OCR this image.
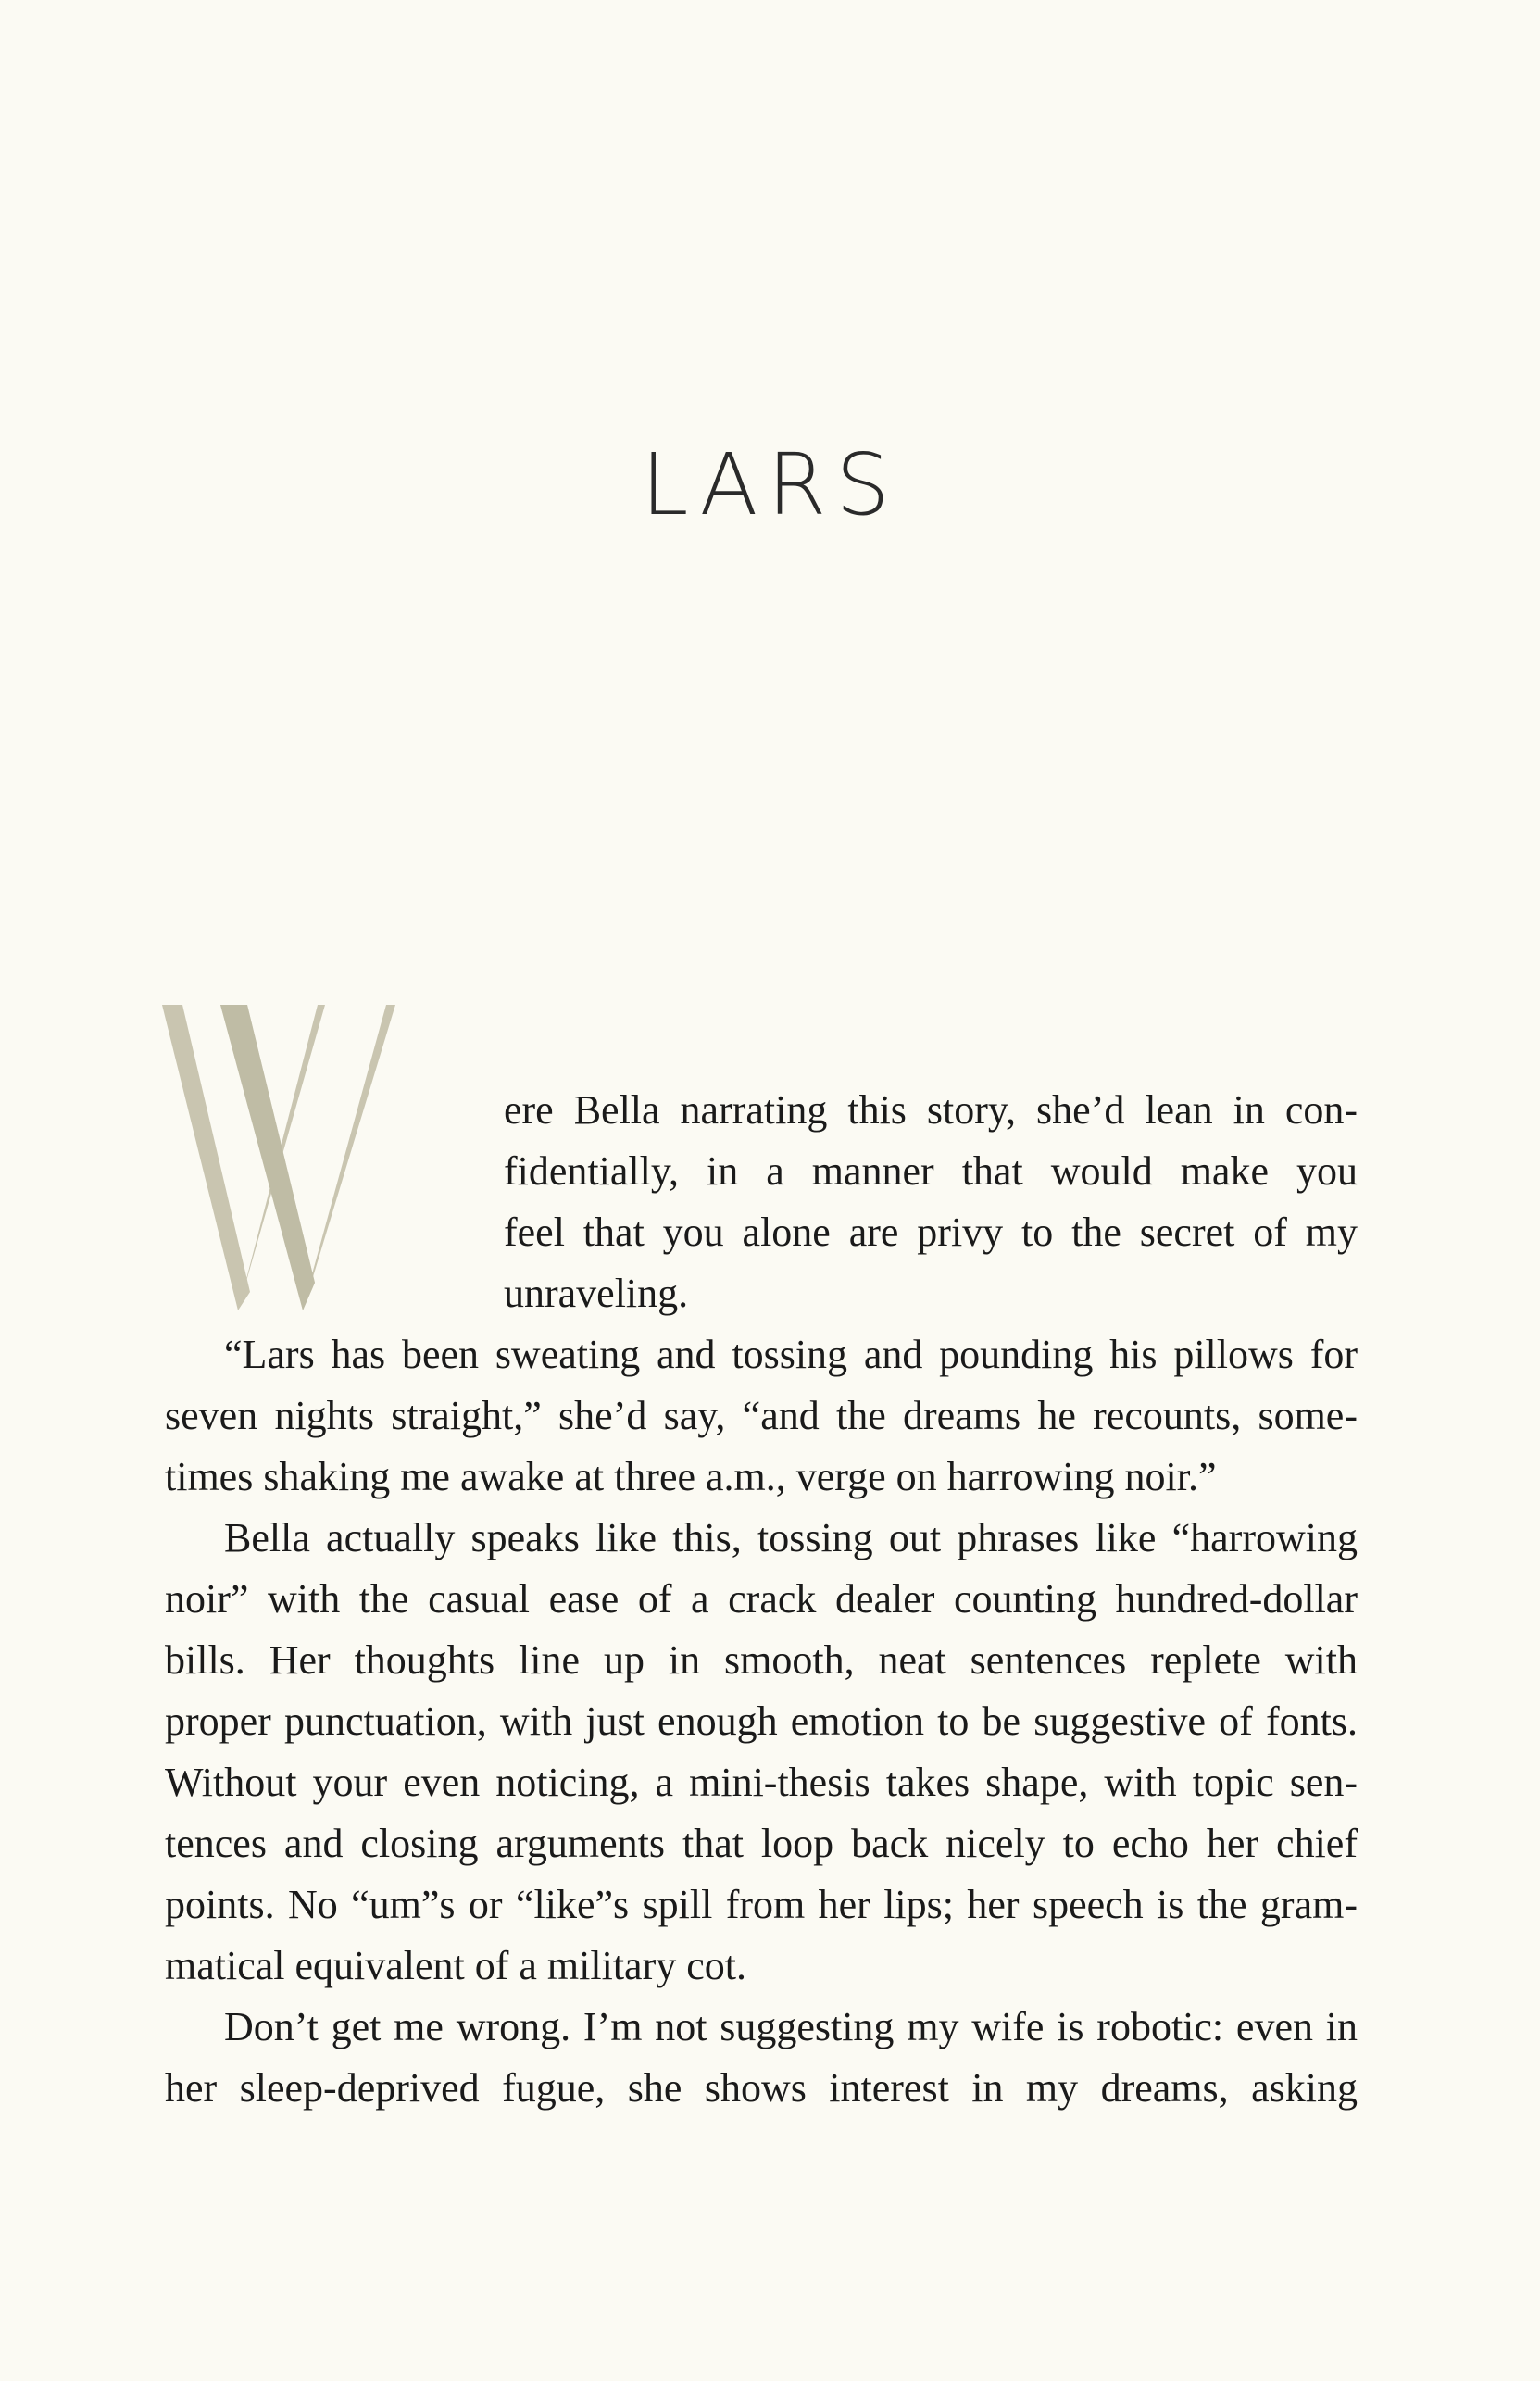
LARS
ere Bella narrating this story, she’d lean in con-
fidentially, in a manner that would make you
feel that you alone are privy to the secret of my
unraveling.
“Lars has been sweating and tossing and pounding his pillows for
seven nights straight,” she’d say, “and the dreams he recounts, some-
times shaking me awake at three a.m., verge on harrowing noir.”
Bella actually speaks like this, tossing out phrases like “harrowing
noir” with the casual ease of a crack dealer counting hundred-dollar
bills. Her thoughts line up in smooth, neat sentences replete with
proper punctuation, with just enough emotion to be suggestive of fonts.
Without your even noticing, a mini-thesis takes shape, with topic sen-
tences and closing arguments that loop back nicely to echo her chief
points. No “um”s or “like”s spill from her lips; her speech is the gram-
matical equivalent of a military cot.
Don’t get me wrong. I’m not suggesting my wife is robotic: even in
her sleep-deprived fugue, she shows interest in my dreams, asking
